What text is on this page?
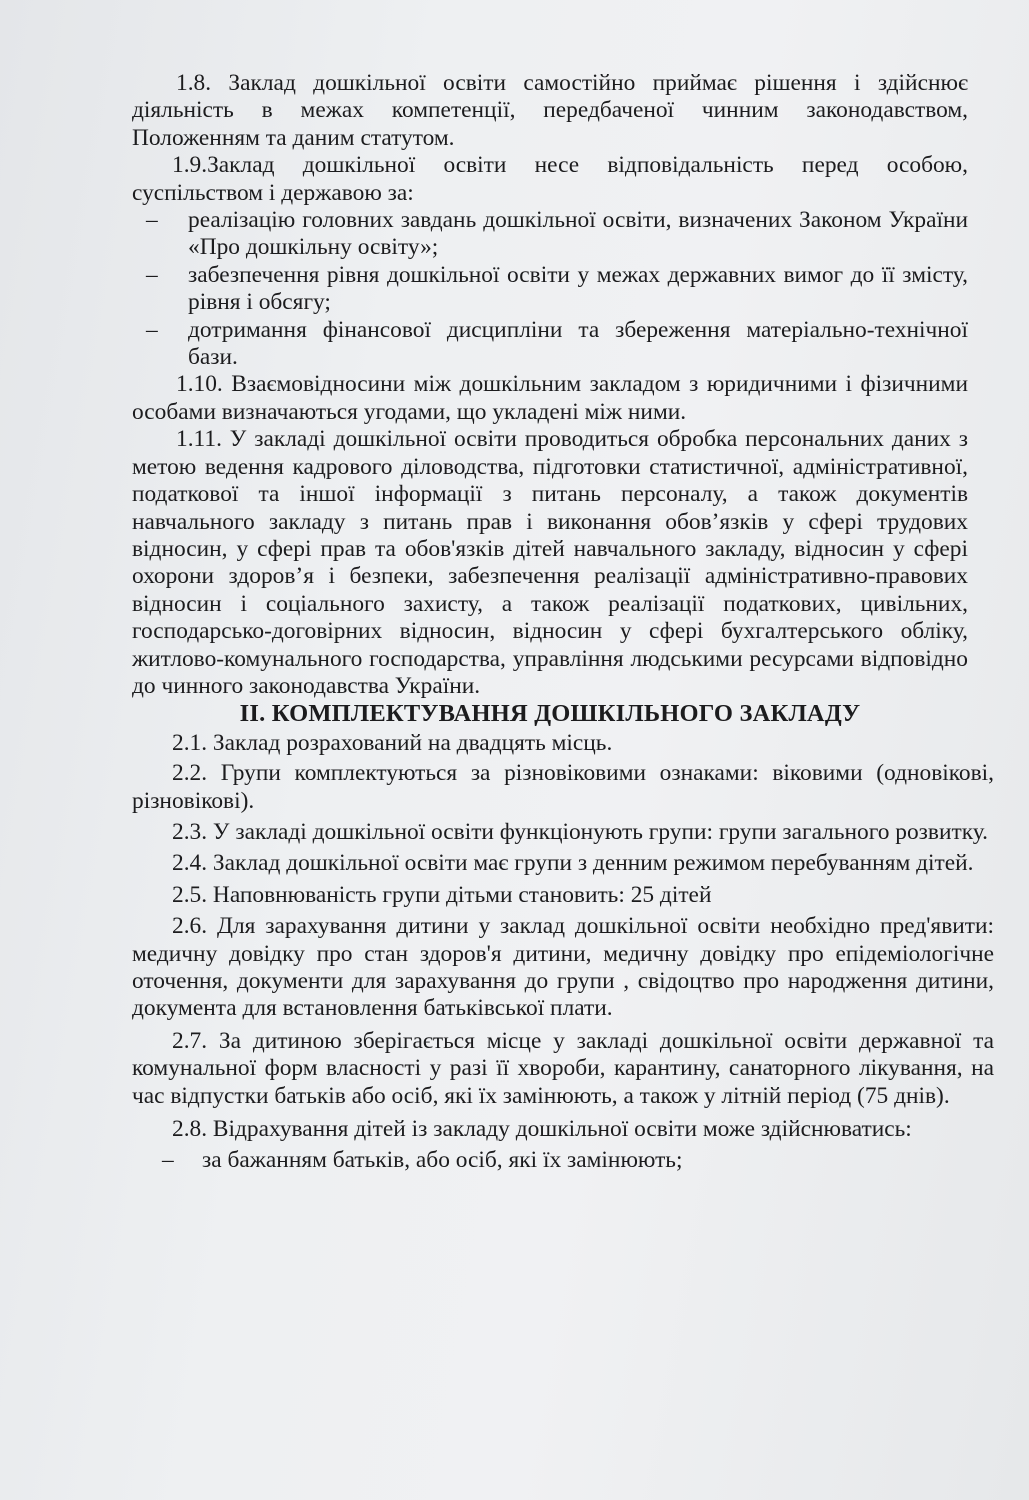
1.8. Заклад дошкільної освіти самостійно приймає рішення і здійснює діяльність в межах компетенції, передбаченої чинним законодавством, Положенням та даним статутом.

1.9.Заклад дошкільної освіти несе відповідальність перед особою, суспільством і державою за:

– реалізацію головних завдань дошкільної освіти, визначених Законом України «Про дошкільну освіту»;

– забезпечення рівня дошкільної освіти у межах державних вимог до її змісту, рівня і обсягу;

– дотримання фінансової дисципліни та збереження матеріально-технічної бази.

1.10. Взаємовідносини між дошкільним закладом з юридичними і фізичними особами визначаються угодами, що укладені між ними.

1.11. У закладі дошкільної освіти проводиться обробка персональних даних з метою ведення кадрового діловодства, підготовки статистичної, адміністративної, податкової та іншої інформації з питань персоналу, а також документів навчального закладу з питань прав і виконання обов’язків у сфері трудових відносин, у сфері прав та обов'язків дітей навчального закладу, відносин у сфері охорони здоров’я і безпеки, забезпечення реалізації адміністративно-правових відносин і соціального захисту, а також реалізації податкових, цивільних, господарсько-договірних відносин, відносин у сфері бухгалтерського обліку, житлово-комунального господарства, управління людськими ресурсами відповідно до чинного законодавства України.

ІІ. КОМПЛЕКТУВАННЯ ДОШКІЛЬНОГО ЗАКЛАДУ

2.1. Заклад розрахований на двадцять місць.

2.2. Групи комплектуються за різновіковими ознаками: віковими (одновікові, різновікові).

2.3. У закладі дошкільної освіти функціонують групи: групи загального розвитку.

2.4. Заклад дошкільної освіти має групи з денним режимом перебуванням дітей.

2.5. Наповнюваність групи дітьми становить: 25 дітей

2.6. Для зарахування дитини у заклад дошкільної освіти необхідно пред'явити: медичну довідку про стан здоров'я дитини, медичну довідку про епідеміологічне оточення, документи для зарахування до групи , свідоцтво про народження дитини, документа для встановлення батьківської плати.

2.7. За дитиною зберігається місце у закладі дошкільної освіти державної та комунальної форм власності у разі її хвороби, карантину, санаторного лікування, на час відпустки батьків або осіб, які їх замінюють, а також у літній період (75 днів).

2.8. Відрахування дітей із закладу дошкільної освіти може здійснюватись:

– за бажанням батьків, або осіб, які їх замінюють;
